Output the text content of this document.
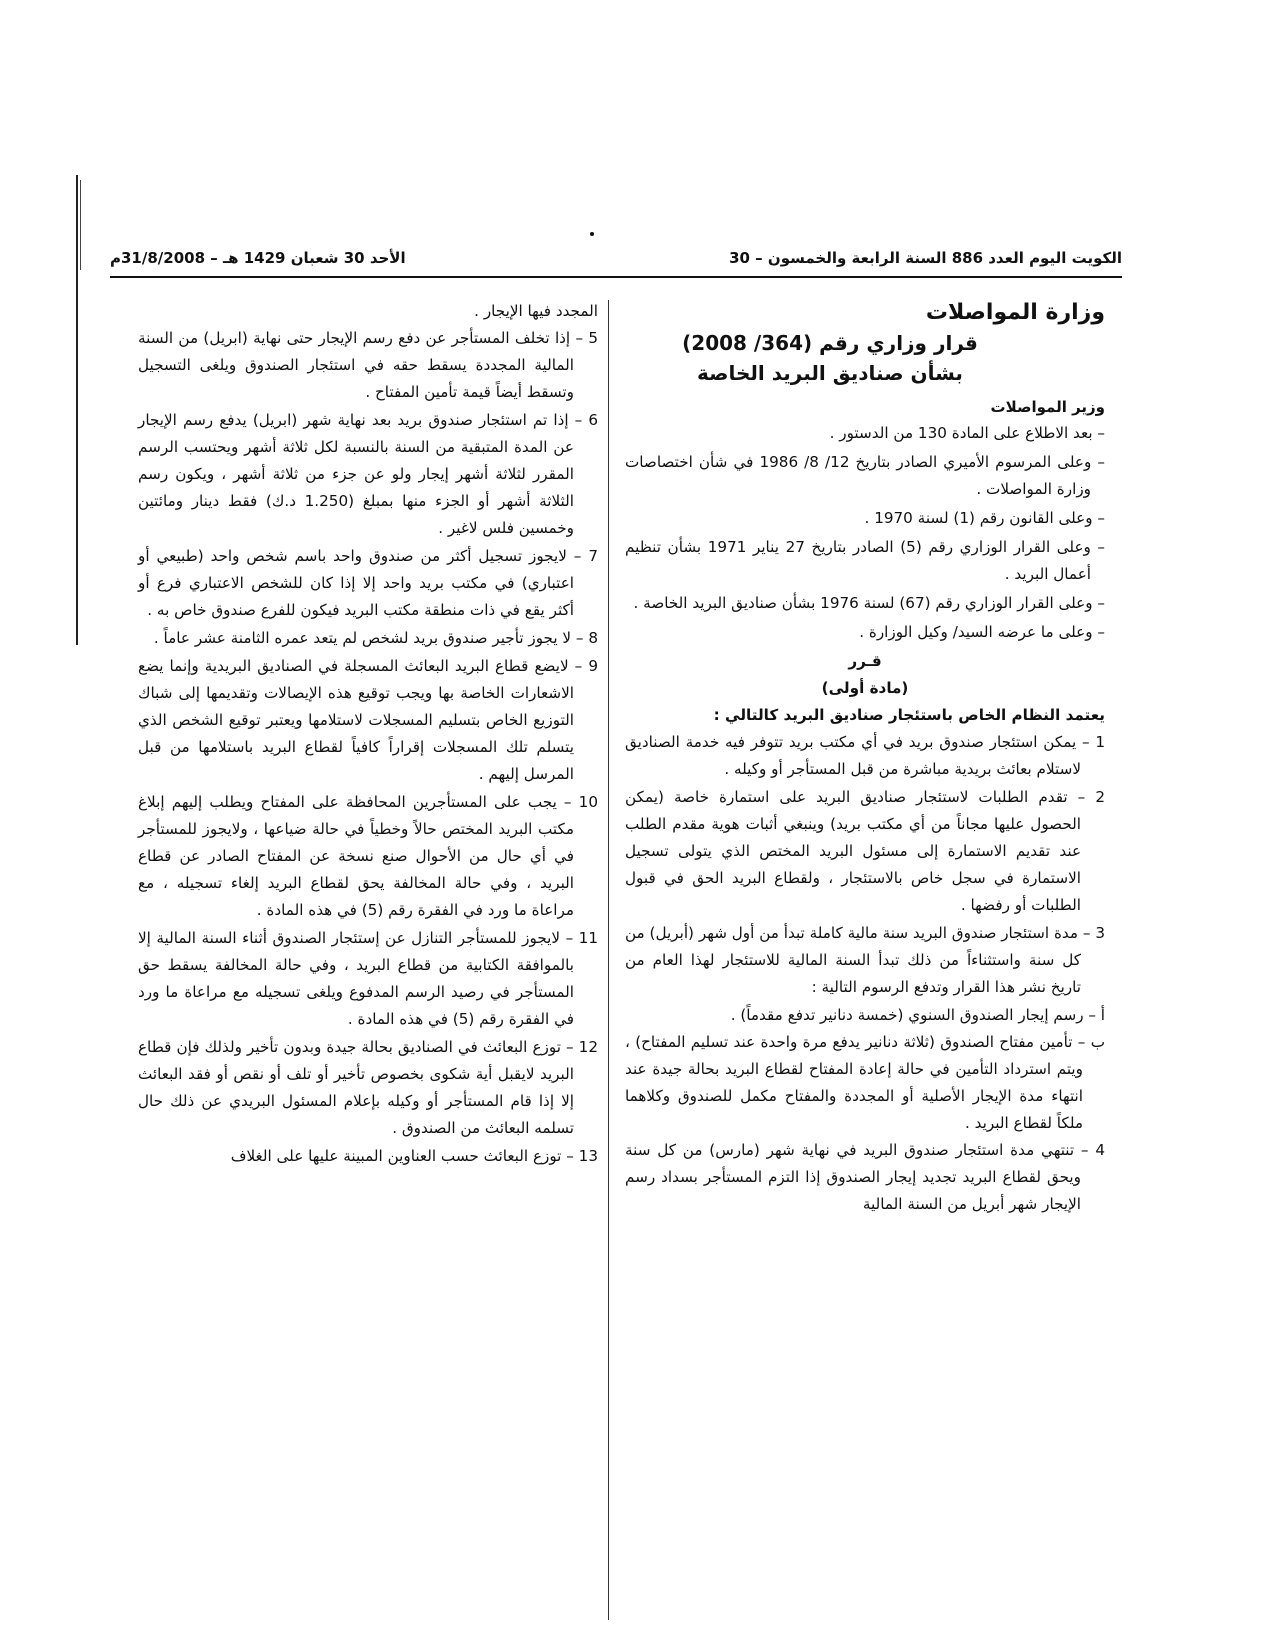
الكويت اليوم العدد 886 السنة الرابعة والخمسون – 30
الأحد 30 شعبان 1429 هـ – 31/8/2008م
وزارة المواصلات
قرار وزاري رقم (364/ 2008)
بشأن صناديق البريد الخاصة
وزير المواصلات

– بعد الاطلاع على المادة 130 من الدستور .

– وعلى المرسوم الأميري الصادر بتاريخ 12/ 8/ 1986 في شأن اختصاصات وزارة المواصلات .

– وعلى القانون رقم (1) لسنة 1970 .

– وعلى القرار الوزاري رقم (5) الصادر بتاريخ 27 يناير 1971 بشأن تنظيم أعمال البريد .

– وعلى القرار الوزاري رقم (67) لسنة 1976 بشأن صناديق البريد الخاصة .

– وعلى ما عرضه السيد/ وكيل الوزارة .

قـرر
(مادة أولى)
يعتمد النظام الخاص باستئجار صناديق البريد كالتالي :

1 – يمكن استئجار صندوق بريد في أي مكتب بريد تتوفر فيه خدمة الصناديق لاستلام بعائث بريدية مباشرة من قبل المستأجر أو وكيله .

2 – تقدم الطلبات لاستئجار صناديق البريد على استمارة خاصة (يمكن الحصول عليها مجاناً من أي مكتب بريد) وينبغي أثبات هوية مقدم الطلب عند تقديم الاستمارة إلى مسئول البريد المختص الذي يتولى تسجيل الاستمارة في سجل خاص بالاستئجار ، ولقطاع البريد الحق في قبول الطلبات أو رفضها .

3 – مدة استئجار صندوق البريد سنة مالية كاملة تبدأ من أول شهر (أبريل) من كل سنة واستثناءاً من ذلك تبدأ السنة المالية للاستئجار لهذا العام من تاريخ نشر هذا القرار وتدفع الرسوم التالية :

أ – رسم إيجار الصندوق السنوي (خمسة دنانير تدفع مقدماً) .

ب – تأمين مفتاح الصندوق (ثلاثة دنانير يدفع مرة واحدة عند تسليم المفتاح) ، ويتم استرداد التأمين في حالة إعادة المفتاح لقطاع البريد بحالة جيدة عند انتهاء مدة الإيجار الأصلية أو المجددة والمفتاح مكمل للصندوق وكلاهما ملكاً لقطاع البريد .

4 – تنتهي مدة استئجار صندوق البريد في نهاية شهر (مارس) من كل سنة ويحق لقطاع البريد تجديد إيجار الصندوق إذا التزم المستأجر بسداد رسم الإيجار شهر أبريل من السنة المالية

المجدد فيها الإيجار .

5 – إذا تخلف المستأجر عن دفع رسم الإيجار حتى نهاية (ابريل) من السنة المالية المجددة يسقط حقه في استئجار الصندوق ويلغى التسجيل وتسقط أيضاً قيمة تأمين المفتاح .

6 – إذا تم استئجار صندوق بريد بعد نهاية شهر (ابريل) يدفع رسم الإيجار عن المدة المتبقية من السنة بالنسبة لكل ثلاثة أشهر ويحتسب الرسم المقرر لثلاثة أشهر إيجار ولو عن جزء من ثلاثة أشهر ، ويكون رسم الثلاثة أشهر أو الجزء منها بمبلغ (1.250 د.ك) فقط دينار ومائتين وخمسين فلس لاغير .

7 – لايجوز تسجيل أكثر من صندوق واحد باسم شخص واحد (طبيعي أو اعتباري) في مكتب بريد واحد إلا إذا كان للشخص الاعتباري فرع أو أكثر يقع في ذات منطقة مكتب البريد فيكون للفرع صندوق خاص به .

8 – لا يجوز تأجير صندوق بريد لشخص لم يتعد عمره الثامنة عشر عاماً .

9 – لايضع قطاع البريد البعائث المسجلة في الصناديق البريدية وإنما يضع الاشعارات الخاصة بها ويجب توقيع هذه الإيصالات وتقديمها إلى شباك التوزيع الخاص بتسليم المسجلات لاستلامها ويعتبر توقيع الشخص الذي يتسلم تلك المسجلات إقراراً كافياً لقطاع البريد باستلامها من قبل المرسل إليهم .

10 – يجب على المستأجرين المحافظة على المفتاح ويطلب إليهم إبلاغ مكتب البريد المختص حالاً وخطياً في حالة ضياعها ، ولايجوز للمستأجر في أي حال من الأحوال صنع نسخة عن المفتاح الصادر عن قطاع البريد ، وفي حالة المخالفة يحق لقطاع البريد إلغاء تسجيله ، مع مراعاة ما ورد في الفقرة رقم (5) في هذه المادة .

11 – لايجوز للمستأجر التنازل عن إستئجار الصندوق أثناء السنة المالية إلا بالموافقة الكتابية من قطاع البريد ، وفي حالة المخالفة يسقط حق المستأجر في رصيد الرسم المدفوع ويلغى تسجيله مع مراعاة ما ورد في الفقرة رقم (5) في هذه المادة .

12 – توزع البعائث في الصناديق بحالة جيدة وبدون تأخير ولذلك فإن قطاع البريد لايقبل أية شكوى بخصوص تأخير أو تلف أو نقص أو فقد البعائث إلا إذا قام المستأجر أو وكيله بإعلام المسئول البريدي عن ذلك حال تسلمه البعائث من الصندوق .

13 – توزع البعائث حسب العناوين المبينة عليها على الغلاف
